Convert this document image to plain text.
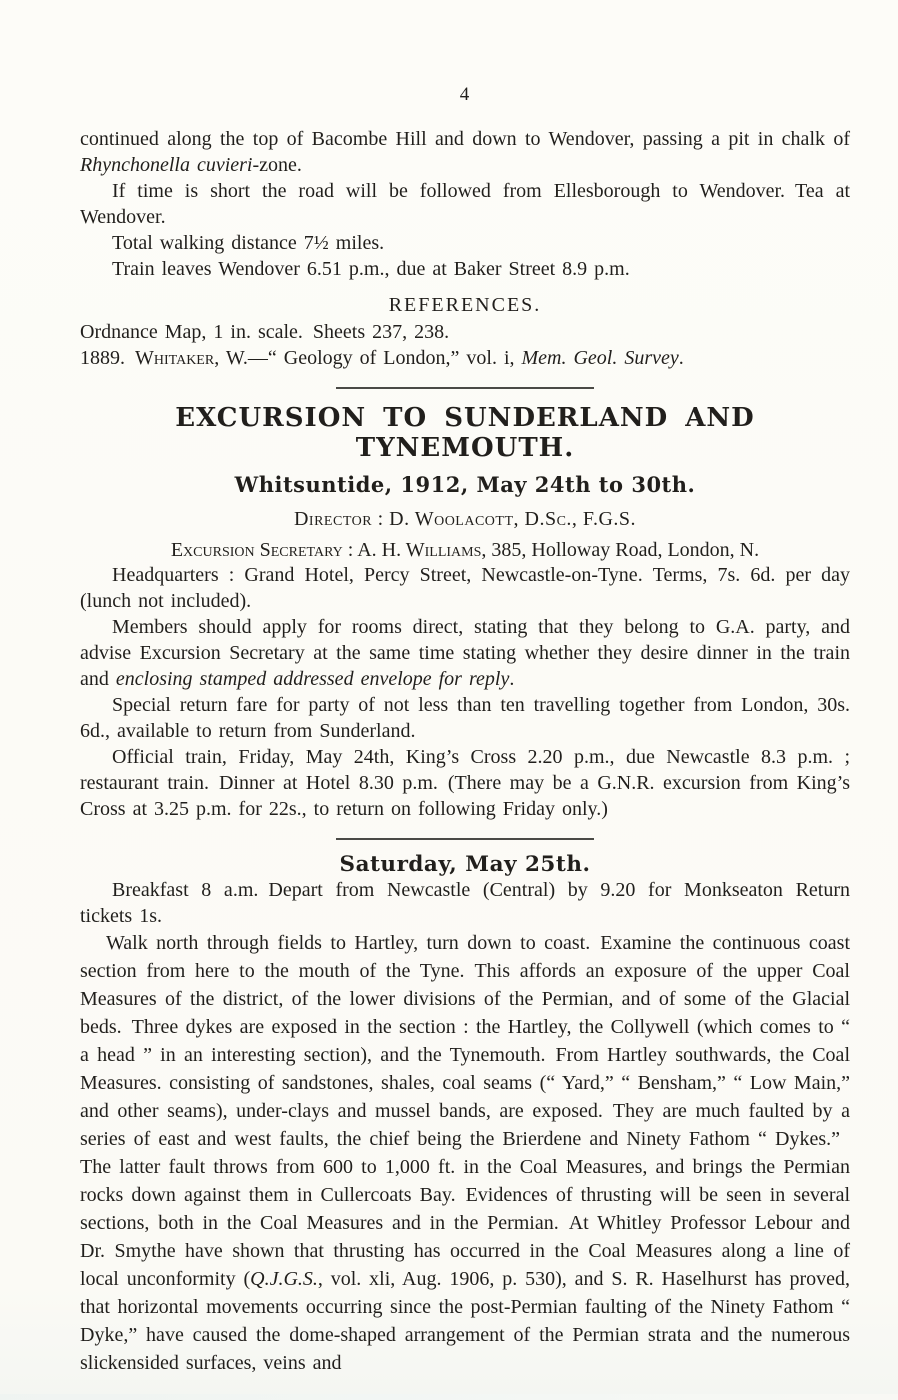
4

continued along the top of Bacombe Hill and down to Wendover, passing a pit in chalk of Rhynchonella cuvieri-zone.

If time is short the road will be followed from Ellesborough to Wendover. Tea at Wendover.

Total walking distance 7½ miles.

Train leaves Wendover 6.51 p.m., due at Baker Street 8.9 p.m.

REFERENCES.

Ordnance Map, 1 in. scale. Sheets 237, 238.

1889. Whitaker, W.—“ Geology of London,” vol. i, Mem. Geol. Survey.

EXCURSION TO SUNDERLAND AND TYNEMOUTH.
Whitsuntide, 1912, May 24th to 30th.

Director : D. Woolacott, D.Sc., F.G.S.

Excursion Secretary : A. H. Williams, 385, Holloway Road, London, N.

Headquarters : Grand Hotel, Percy Street, Newcastle-on-Tyne. Terms, 7s. 6d. per day (lunch not included).

Members should apply for rooms direct, stating that they belong to G.A. party, and advise Excursion Secretary at the same time stating whether they desire dinner in the train and enclosing stamped addressed envelope for reply.

Special return fare for party of not less than ten travelling together from London, 30s. 6d., available to return from Sunderland.

Official train, Friday, May 24th, King’s Cross 2.20 p.m., due Newcastle 8.3 p.m. ; restaurant train. Dinner at Hotel 8.30 p.m. (There may be a G.N.R. excursion from King’s Cross at 3.25 p.m. for 22s., to return on following Friday only.)

Saturday, May 25th.

Breakfast 8 a.m. Depart from Newcastle (Central) by 9.20 for Monkseaton Return tickets 1s.

Walk north through fields to Hartley, turn down to coast. Examine the continuous coast section from here to the mouth of the Tyne. This affords an exposure of the upper Coal Measures of the district, of the lower divisions of the Permian, and of some of the Glacial beds. Three dykes are exposed in the section : the Hartley, the Collywell (which comes to “ a head ” in an interesting section), and the Tynemouth. From Hartley southwards, the Coal Measures. consisting of sandstones, shales, coal seams (“ Yard,” “ Bensham,” “ Low Main,” and other seams), under-clays and mussel bands, are exposed. They are much faulted by a series of east and west faults, the chief being the Brierdene and Ninety Fathom “ Dykes.” The latter fault throws from 600 to 1,000 ft. in the Coal Measures, and brings the Permian rocks down against them in Cullercoats Bay. Evidences of thrusting will be seen in several sections, both in the Coal Measures and in the Permian. At Whitley Professor Lebour and Dr. Smythe have shown that thrusting has occurred in the Coal Measures along a line of local unconformity (Q.J.G.S., vol. xli, Aug. 1906, p. 530), and S. R. Haselhurst has proved, that horizontal movements occurring since the post-Permian faulting of the Ninety Fathom “ Dyke,” have caused the dome-shaped arrangement of the Permian strata and the numerous slickensided surfaces, veins and
